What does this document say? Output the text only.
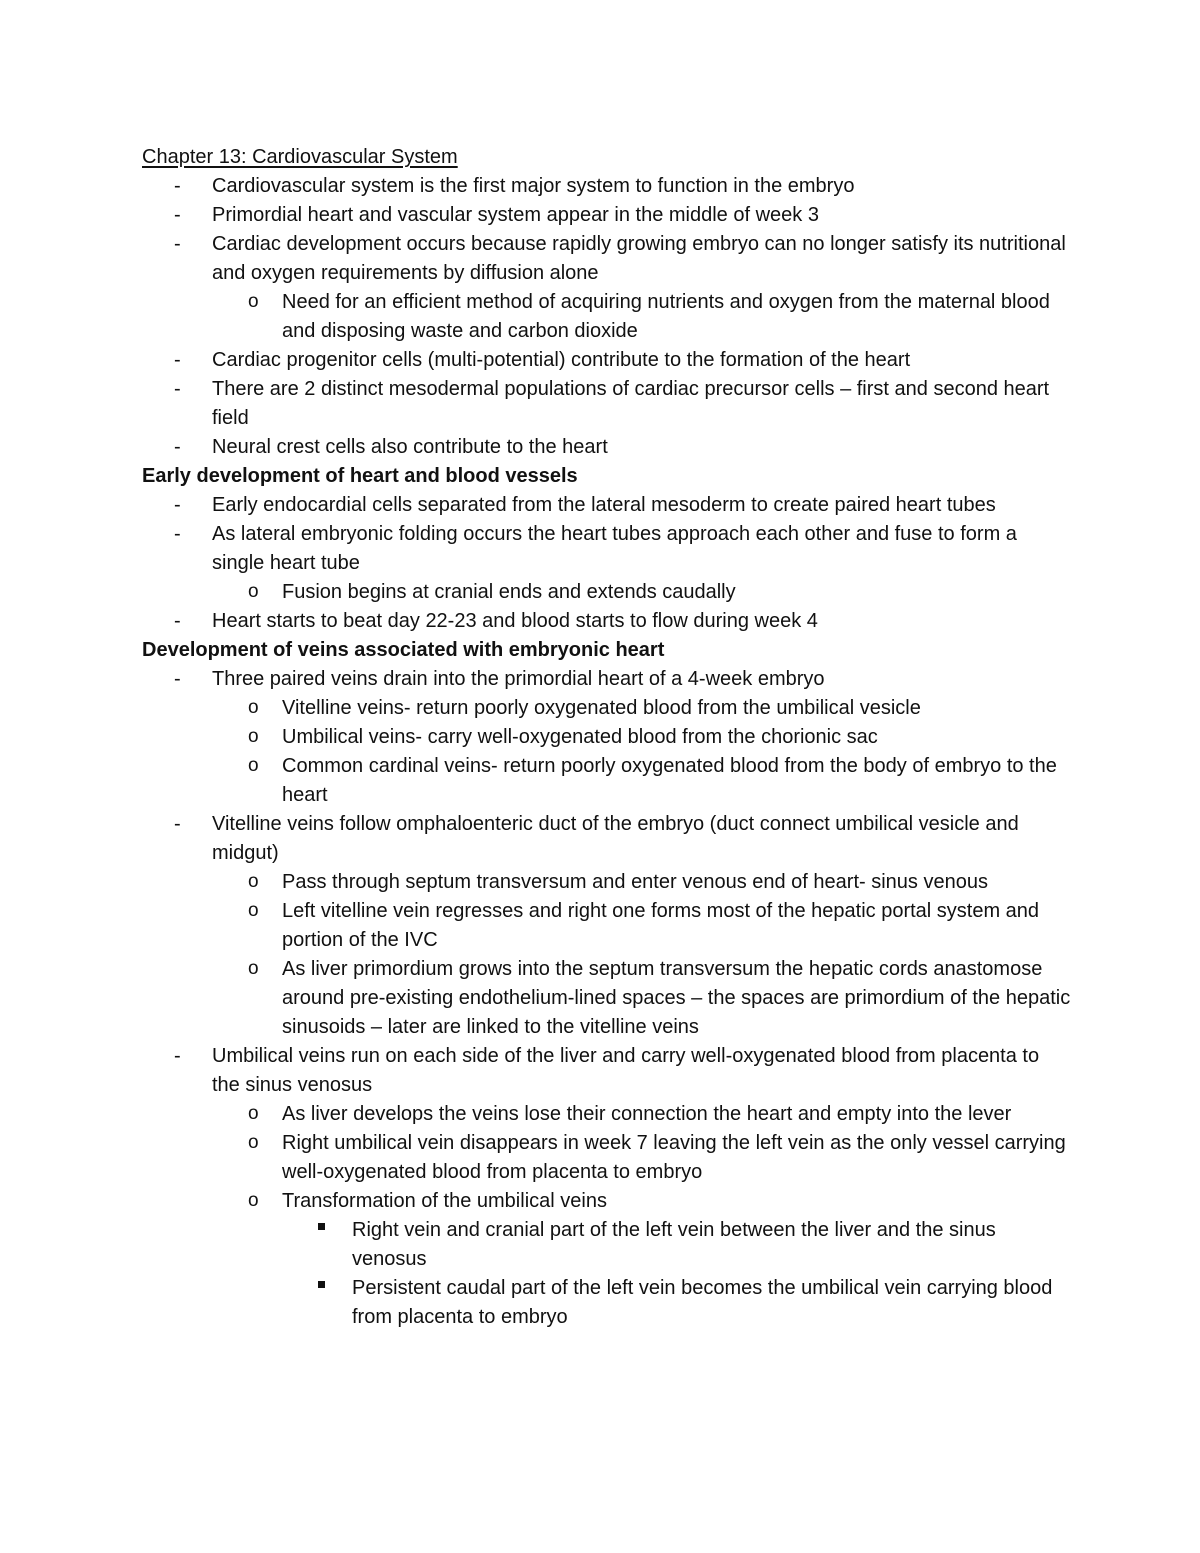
Chapter 13: Cardiovascular System
- Cardiovascular system is the first major system to function in the embryo
- Primordial heart and vascular system appear in the middle of week 3
- Cardiac development occurs because rapidly growing embryo can no longer satisfy its nutritional and oxygen requirements by diffusion alone
o Need for an efficient method of acquiring nutrients and oxygen from the maternal blood and disposing waste and carbon dioxide
- Cardiac progenitor cells (multi-potential) contribute to the formation of the heart
- There are 2 distinct mesodermal populations of cardiac precursor cells – first and second heart field
- Neural crest cells also contribute to the heart
Early development of heart and blood vessels
- Early endocardial cells separated from the lateral mesoderm to create paired heart tubes
- As lateral embryonic folding occurs the heart tubes approach each other and fuse to form a single heart tube
o Fusion begins at cranial ends and extends caudally
- Heart starts to beat day 22-23 and blood starts to flow during week 4
Development of veins associated with embryonic heart
- Three paired veins drain into the primordial heart of a 4-week embryo
o Vitelline veins- return poorly oxygenated blood from the umbilical vesicle
o Umbilical veins- carry well-oxygenated blood from the chorionic sac
o Common cardinal veins- return poorly oxygenated blood from the body of embryo to the heart
- Vitelline veins follow omphaloenteric duct of the embryo (duct connect umbilical vesicle and midgut)
o Pass through septum transversum and enter venous end of heart- sinus venous
o Left vitelline vein regresses and right one forms most of the hepatic portal system and portion of the IVC
o As liver primordium grows into the septum transversum the hepatic cords anastomose around pre-existing endothelium-lined spaces – the spaces are primordium of the hepatic sinusoids – later are linked to the vitelline veins
- Umbilical veins run on each side of the liver and carry well-oxygenated blood from placenta to the sinus venosus
o As liver develops the veins lose their connection the heart and empty into the lever
o Right umbilical vein disappears in week 7 leaving the left vein as the only vessel carrying well-oxygenated blood from placenta to embryo
o Transformation of the umbilical veins
Right vein and cranial part of the left vein between the liver and the sinus venosus
Persistent caudal part of the left vein becomes the umbilical vein carrying blood from placenta to embryo
